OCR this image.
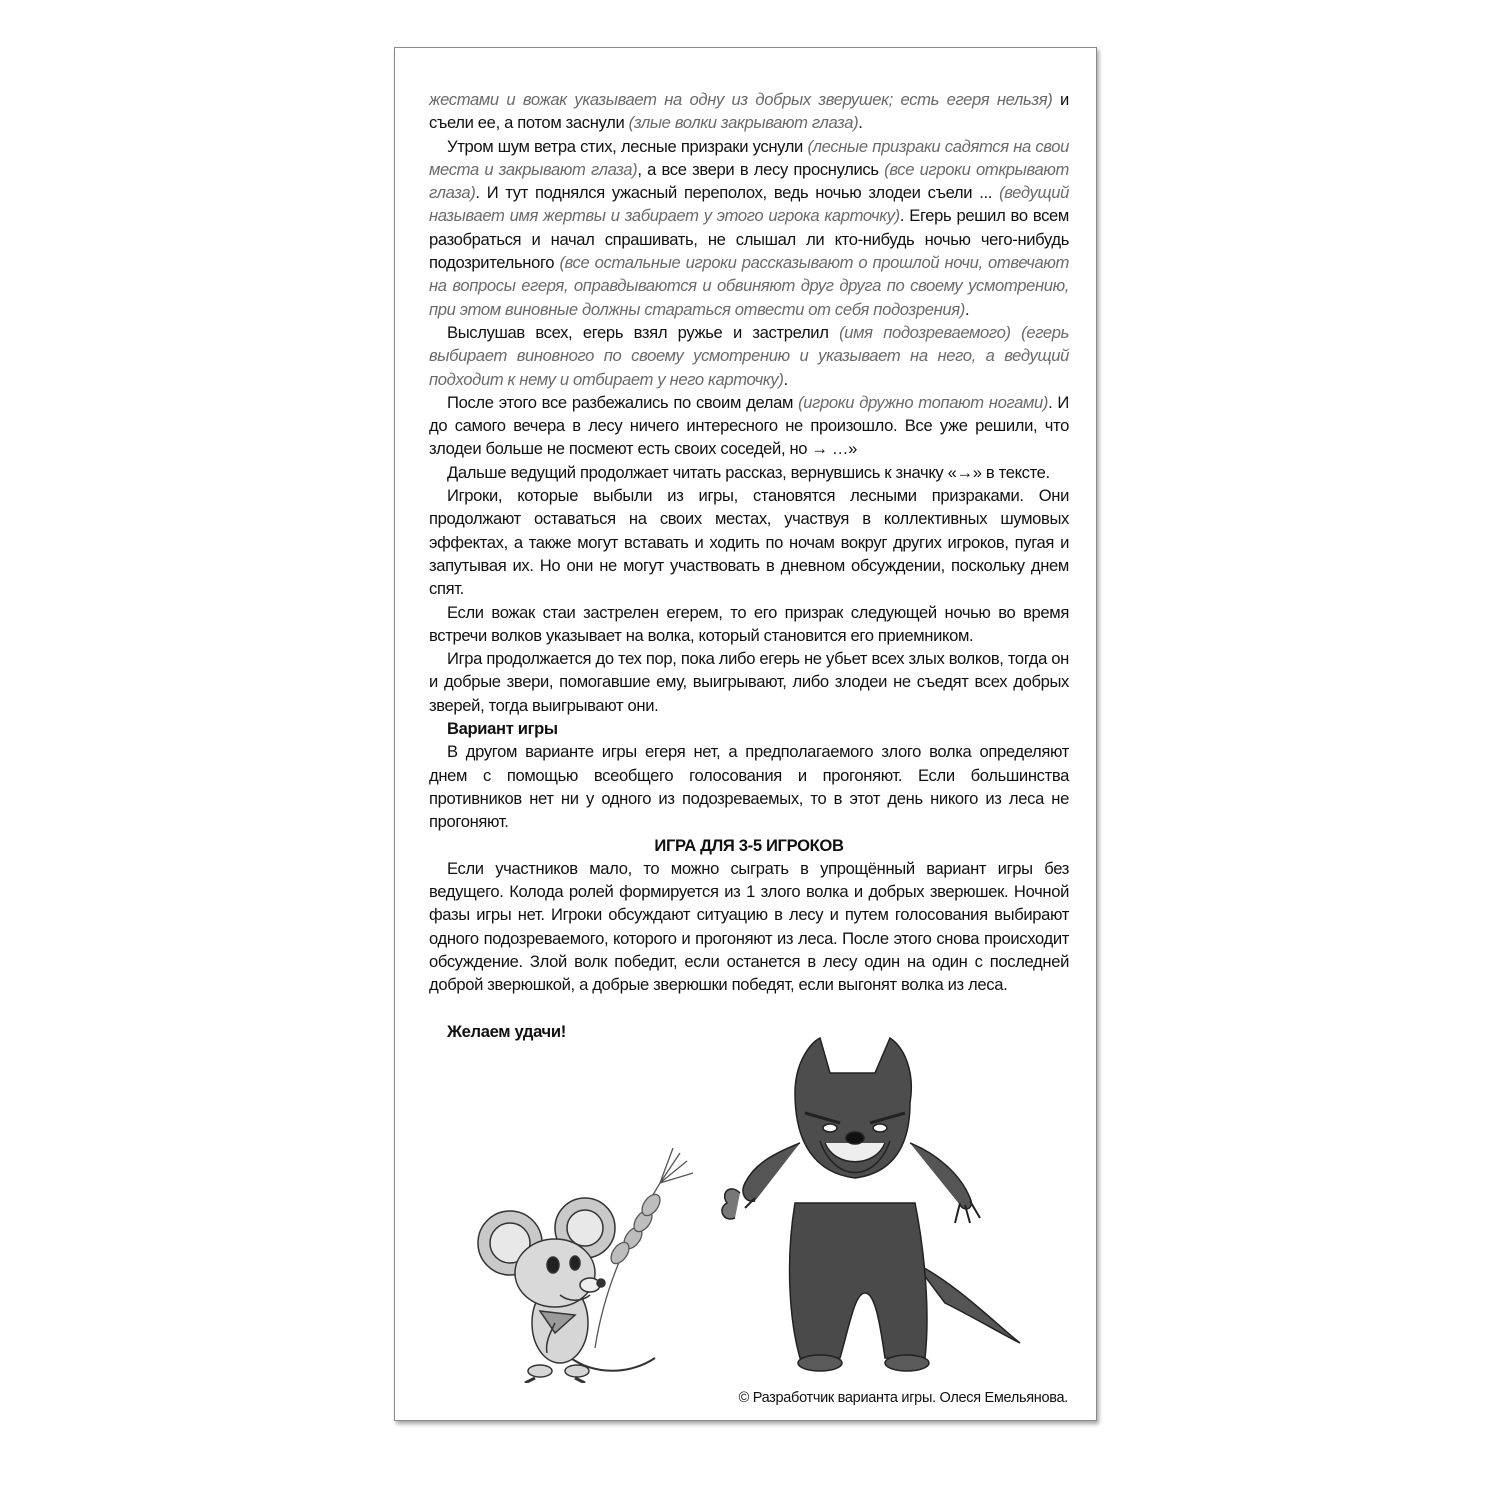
жестами и вожак указывает на одну из добрых зверушек; есть егеря нельзя) и съели ее, а потом заснули (злые волки закрывают глаза).

Утром шум ветра стих, лесные призраки уснули (лесные призраки садятся на свои места и закрывают глаза), а все звери в лесу проснулись (все игроки открывают глаза). И тут поднялся ужасный переполох, ведь ночью злодеи съели ... (ведущий называет имя жертвы и забирает у этого игрока карточку). Егерь решил во всем разобраться и начал спрашивать, не слышал ли кто-нибудь ночью чего-нибудь подозрительного (все остальные игроки рассказывают о прошлой ночи, отвечают на вопросы егеря, оправдываются и обвиняют друг друга по своему усмотрению, при этом виновные должны стараться отвести от себя подозрения).

Выслушав всех, егерь взял ружье и застрелил (имя подозреваемого) (егерь выбирает виновного по своему усмотрению и указывает на него, а ведущий подходит к нему и отбирает у него карточку).

После этого все разбежались по своим делам (игроки дружно топают ногами). И до самого вечера в лесу ничего интересного не произошло. Все уже решили, что злодеи больше не посмеют есть своих соседей, но → …»

Дальше ведущий продолжает читать рассказ, вернувшись к значку «→» в тексте.

Игроки, которые выбыли из игры, становятся лесными призраками. Они продолжают оставаться на своих местах, участвуя в коллективных шумовых эффектах, а также могут вставать и ходить по ночам вокруг других игроков, пугая и запутывая их. Но они не могут участвовать в дневном обсуждении, поскольку днем спят.

Если вожак стаи застрелен егерем, то его призрак следующей ночью во время встречи волков указывает на волка, который становится его приемником.

Игра продолжается до тех пор, пока либо егерь не убьет всех злых волков, тогда он и добрые звери, помогавшие ему, выигрывают, либо злодеи не съедят всех добрых зверей, тогда выигрывают они.

Вариант игры

В другом варианте игры егеря нет, а предполагаемого злого волка определяют днем с помощью всеобщего голосования и прогоняют. Если большинства противников нет ни у одного из подозреваемых, то в этот день никого из леса не прогоняют.

ИГРА ДЛЯ 3-5 ИГРОКОВ

Если участников мало, то можно сыграть в упрощённый вариант игры без ведущего. Колода ролей формируется из 1 злого волка и добрых зверюшек. Ночной фазы игры нет. Игроки обсуждают ситуацию в лесу и путем голосования выбирают одного подозреваемого, которого и прогоняют из леса. После этого снова происходит обсуждение. Злой волк победит, если останется в лесу один на один с последней доброй зверюшкой, а добрые зверюшки победят, если выгонят волка из леса.

Желаем удачи!

© Разработчик варианта игры. Олеся Емельянова.
